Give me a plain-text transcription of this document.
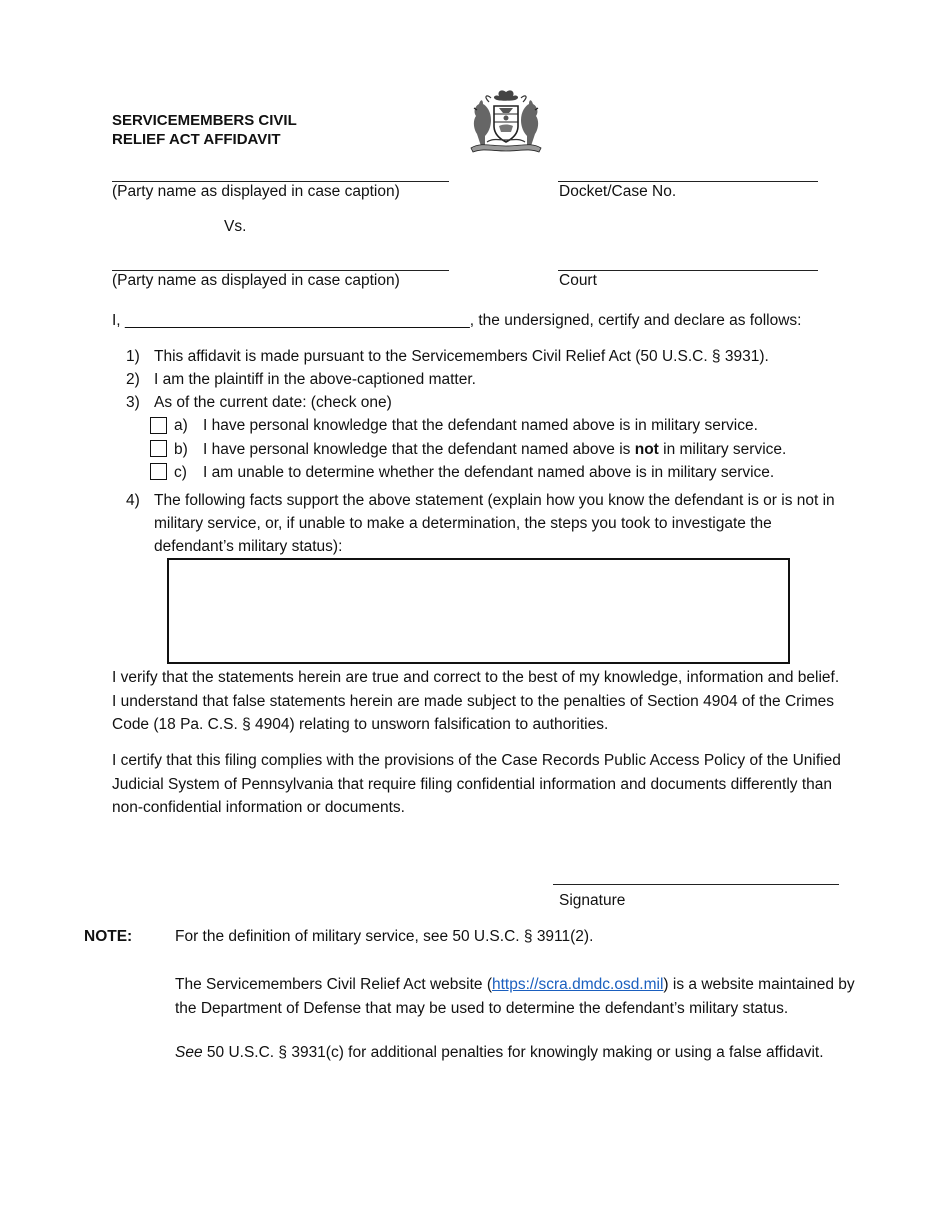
SERVICEMEMBERS CIVIL
RELIEF ACT AFFIDAVIT
(Party name as displayed in case caption)	Docket/Case No.
Vs.
(Party name as displayed in case caption)	Court
I, ________________________________________, the undersigned, certify and declare as follows:
1) This affidavit is made pursuant to the Servicemembers Civil Relief Act (50 U.S.C. § 3931).
2) I am the plaintiff in the above-captioned matter.
3) As of the current date: (check one)
a) I have personal knowledge that the defendant named above is in military service.
b) I have personal knowledge that the defendant named above is not in military service.
c) I am unable to determine whether the defendant named above is in military service.
4) The following facts support the above statement (explain how you know the defendant is or is not in
military service, or, if unable to make a determination, the steps you took to investigate the
defendant’s military status):
I verify that the statements herein are true and correct to the best of my knowledge, information and belief. I understand that false statements herein are made subject to the penalties of Section 4904 of the Crimes Code (18 Pa. C.S. § 4904) relating to unsworn falsification to authorities.
I certify that this filing complies with the provisions of the Case Records Public Access Policy of the Unified Judicial System of Pennsylvania that require filing confidential information and documents differently than non-confidential information or documents.
Signature
NOTE:	For the definition of military service, see 50 U.S.C. § 3911(2).
The Servicemembers Civil Relief Act website (https://scra.dmdc.osd.mil) is a website maintained by the Department of Defense that may be used to determine the defendant’s military status.
See 50 U.S.C. § 3931(c) for additional penalties for knowingly making or using a false affidavit.
